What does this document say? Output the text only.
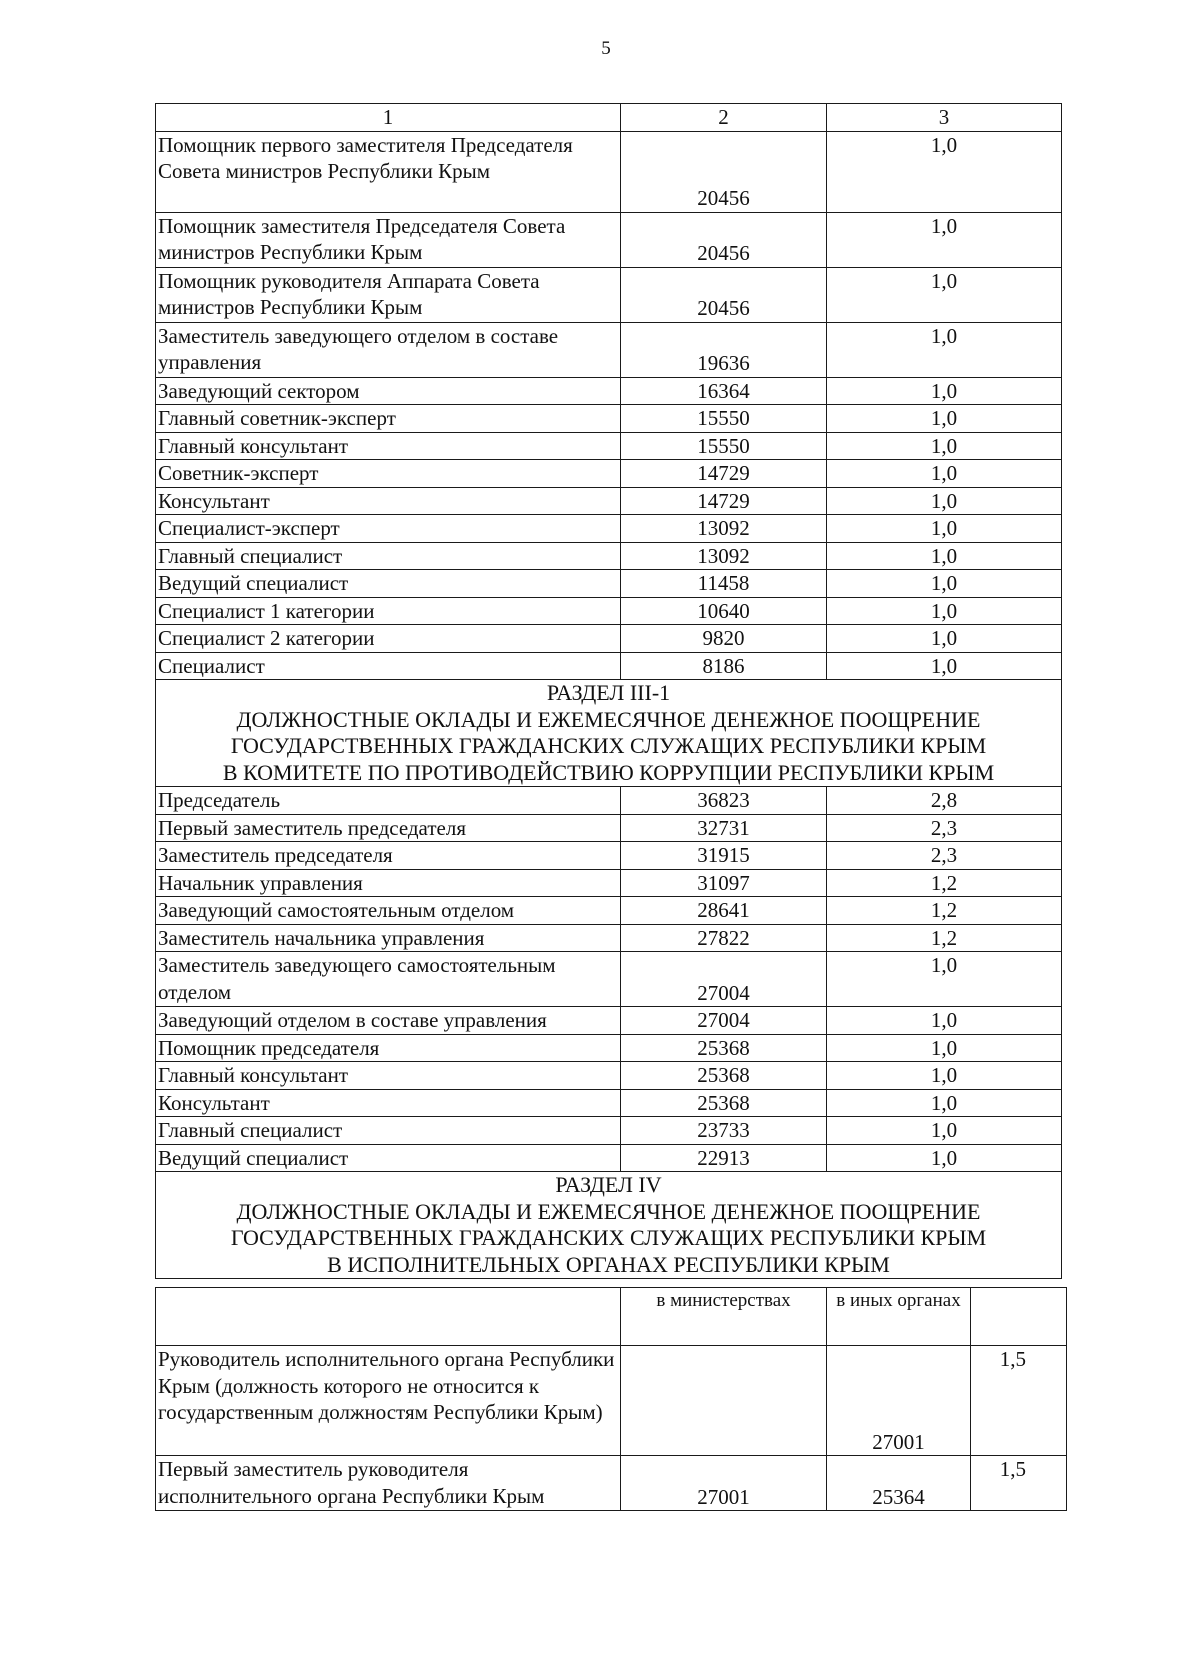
5
1	2	3
Помощник первого заместителя Председателя Совета министров Республики Крым	20456	1,0
Помощник заместителя Председателя Совета министров Республики Крым	20456	1,0
Помощник руководителя Аппарата Совета министров Республики Крым	20456	1,0
Заместитель заведующего отделом в составе управления	19636	1,0
Заведующий сектором	16364	1,0
Главный советник-эксперт	15550	1,0
Главный консультант	15550	1,0
Советник-эксперт	14729	1,0
Консультант	14729	1,0
Специалист-эксперт	13092	1,0
Главный специалист	13092	1,0
Ведущий специалист	11458	1,0
Специалист 1 категории	10640	1,0
Специалист 2 категории	9820	1,0
Специалист	8186	1,0

РАЗДЕЛ III-1
ДОЛЖНОСТНЫЕ ОКЛАДЫ И ЕЖЕМЕСЯЧНОЕ ДЕНЕЖНОЕ ПООЩРЕНИЕ
ГОСУДАРСТВЕННЫХ ГРАЖДАНСКИХ СЛУЖАЩИХ РЕСПУБЛИКИ КРЫМ
В КОМИТЕТЕ ПО ПРОТИВОДЕЙСТВИЮ КОРРУПЦИИ РЕСПУБЛИКИ КРЫМ		

Председатель	36823	2,8
Первый заместитель председателя	32731	2,3
Заместитель председателя	31915	2,3
Начальник управления	31097	1,2
Заведующий самостоятельным отделом	28641	1,2
Заместитель начальника управления	27822	1,2
Заместитель заведующего самостоятельным отделом	27004	1,0
Заведующий отделом в составе управления	27004	1,0
Помощник председателя	25368	1,0
Главный консультант	25368	1,0
Консультант	25368	1,0
Главный специалист	23733	1,0
Ведущий специалист	22913	1,0

РАЗДЕЛ IV
ДОЛЖНОСТНЫЕ ОКЛАДЫ И ЕЖЕМЕСЯЧНОЕ ДЕНЕЖНОЕ ПООЩРЕНИЕ
ГОСУДАРСТВЕННЫХ ГРАЖДАНСКИХ СЛУЖАЩИХ РЕСПУБЛИКИ КРЫМ
В ИСПОЛНИТЕЛЬНЫХ ОРГАНАХ РЕСПУБЛИКИ КРЫМ		
	в министерствах	в иных органах	
Руководитель исполнительного органа Республики Крым (должность которого не относится к государственным должностям Республики Крым)		27001	1,5
Первый заместитель руководителя исполнительного органа Республики Крым	27001	25364	1,5
